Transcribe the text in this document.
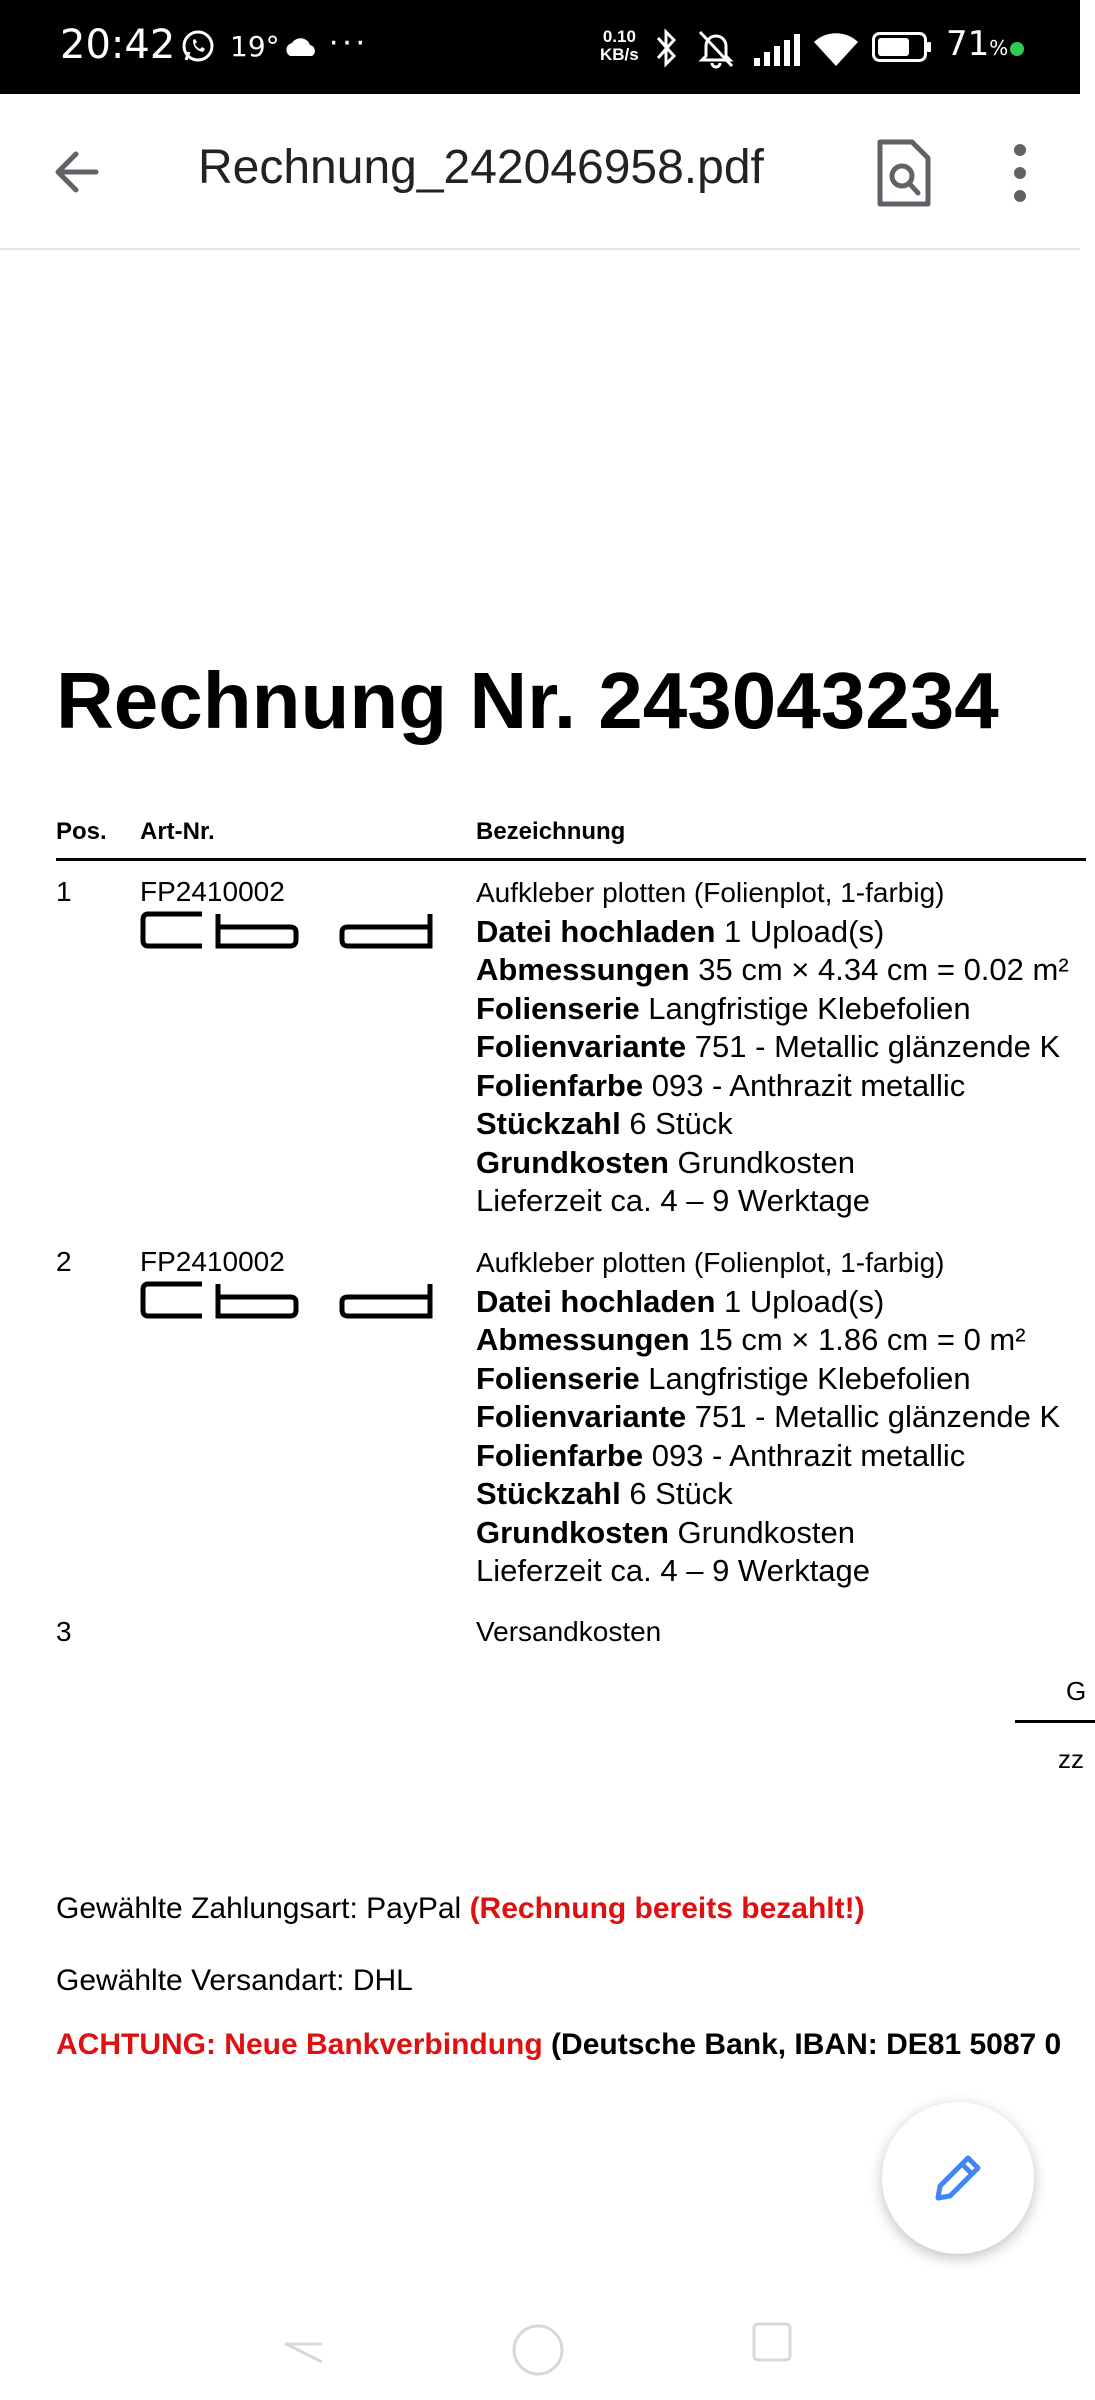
20:42 19° ···	0.10
KB/s	71%
Rechnung_242046958.pdf
Rechnung Nr. 243043234
Pos. Art-Nr.	Bezeichnung
1 FP2410002	Aufkleber plotten (Folienplot, 1-farbig)
Datei hochladen 1 Upload(s)
Abmessungen 35 cm × 4.34 cm = 0.02 m²
Folienserie Langfristige Klebefolien
Folienvariante 751 - Metallic glänzende K
Folienfarbe 093 - Anthrazit metallic
Stückzahl 6 Stück
Grundkosten Grundkosten
Lieferzeit ca. 4 – 9 Werktage
2 FP2410002	Aufkleber plotten (Folienplot, 1-farbig)
Datei hochladen 1 Upload(s)
Abmessungen 15 cm × 1.86 cm = 0 m²
Folienserie Langfristige Klebefolien
Folienvariante 751 - Metallic glänzende K
Folienfarbe 093 - Anthrazit metallic
Stückzahl 6 Stück
Grundkosten Grundkosten
Lieferzeit ca. 4 – 9 Werktage
3	Versandkosten
G
zz
Gewählte Zahlungsart: PayPal (Rechnung bereits bezahlt!)
Gewählte Versandart: DHL
ACHTUNG: Neue Bankverbindung (Deutsche Bank, IBAN: DE81 5087 0
